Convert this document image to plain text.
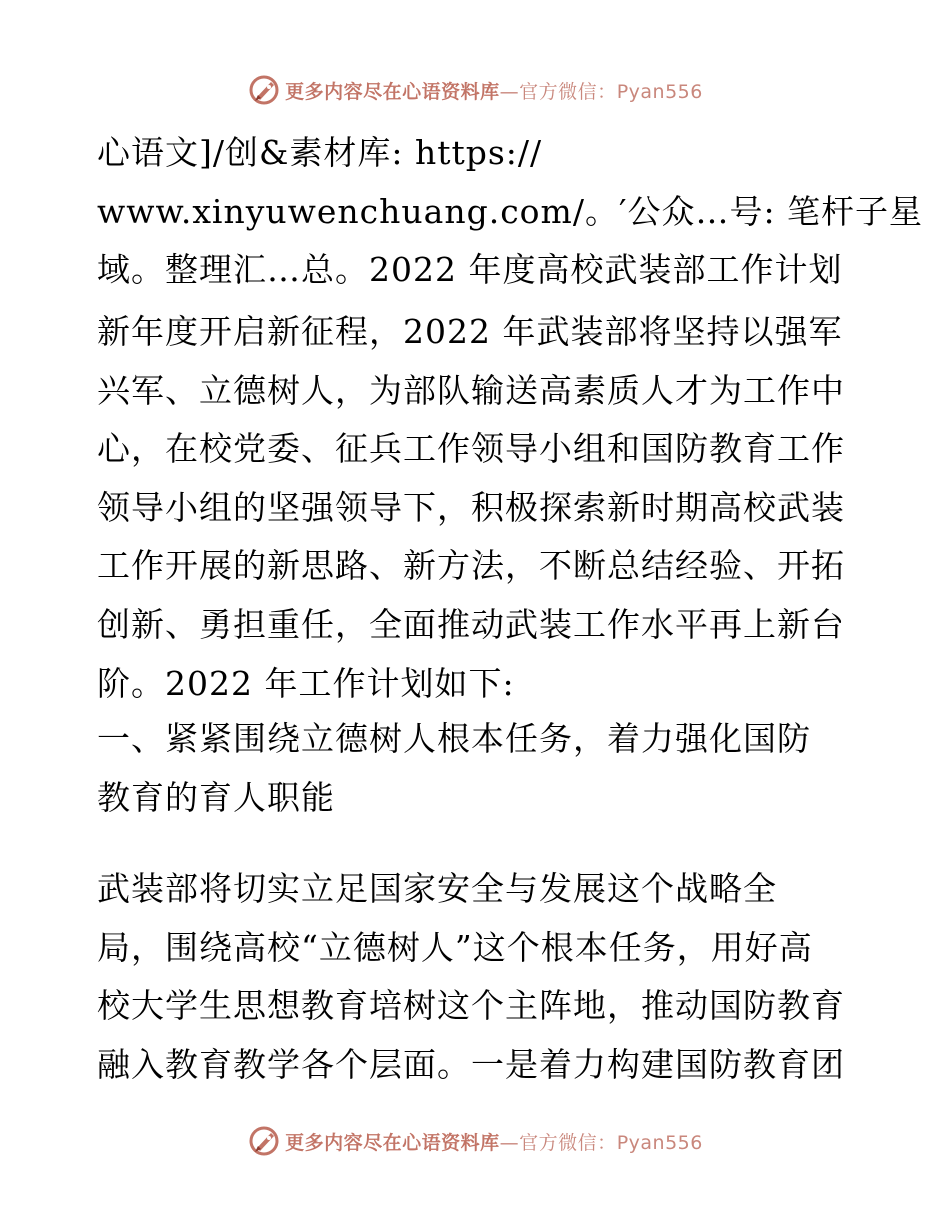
更多内容尽在心语资料库—官方微信：Pyan556
心语文]/创&素材库: https://
www.xinyuwenchuang.com/。′公众…号: 笔杆子星
域。整理汇…总。2022 年度高校武装部工作计划
新年度开启新征程，2022 年武装部将坚持以强军
兴军、立德树人，为部队输送高素质人才为工作中
心，在校党委、征兵工作领导小组和国防教育工作
领导小组的坚强领导下，积极探索新时期高校武装
工作开展的新思路、新方法，不断总结经验、开拓
创新、勇担重任，全面推动武装工作水平再上新台
阶。2022 年工作计划如下:
一、紧紧围绕立德树人根本任务，着力强化国防
教育的育人职能
武装部将切实立足国家安全与发展这个战略全
局，围绕高校“立德树人”这个根本任务，用好高
校大学生思想教育培树这个主阵地，推动国防教育
融入教育教学各个层面。一是着力构建国防教育团
更多内容尽在心语资料库—官方微信：Pyan556
